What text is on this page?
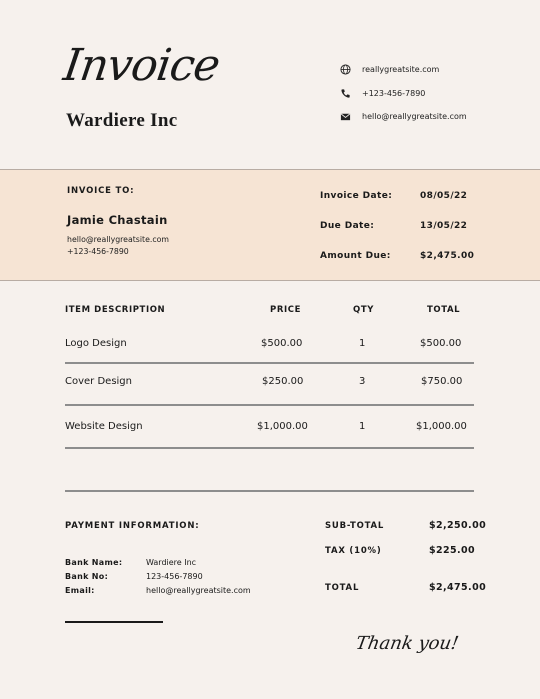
Invoice
Wardiere Inc
reallygreatsite.com
+123-456-7890
hello@reallygreatsite.com
INVOICE TO:
Jamie Chastain
hello@reallygreatsite.com
+123-456-7890
Invoice Date:	08/05/22
Due Date:	13/05/22
Amount Due:	$2,475.00
ITEM DESCRIPTION	PRICE	QTY	TOTAL
Logo Design	$500.00	1	$500.00
Cover Design	$250.00	3	$750.00
Website Design	$1,000.00	1	$1,000.00
PAYMENT INFORMATION:
Bank Name:	Wardiere Inc
Bank No:	123-456-7890
Email:	hello@reallygreatsite.com
SUB-TOTAL	$2,250.00
TAX (10%)	$225.00
TOTAL	$2,475.00
Thank you!
